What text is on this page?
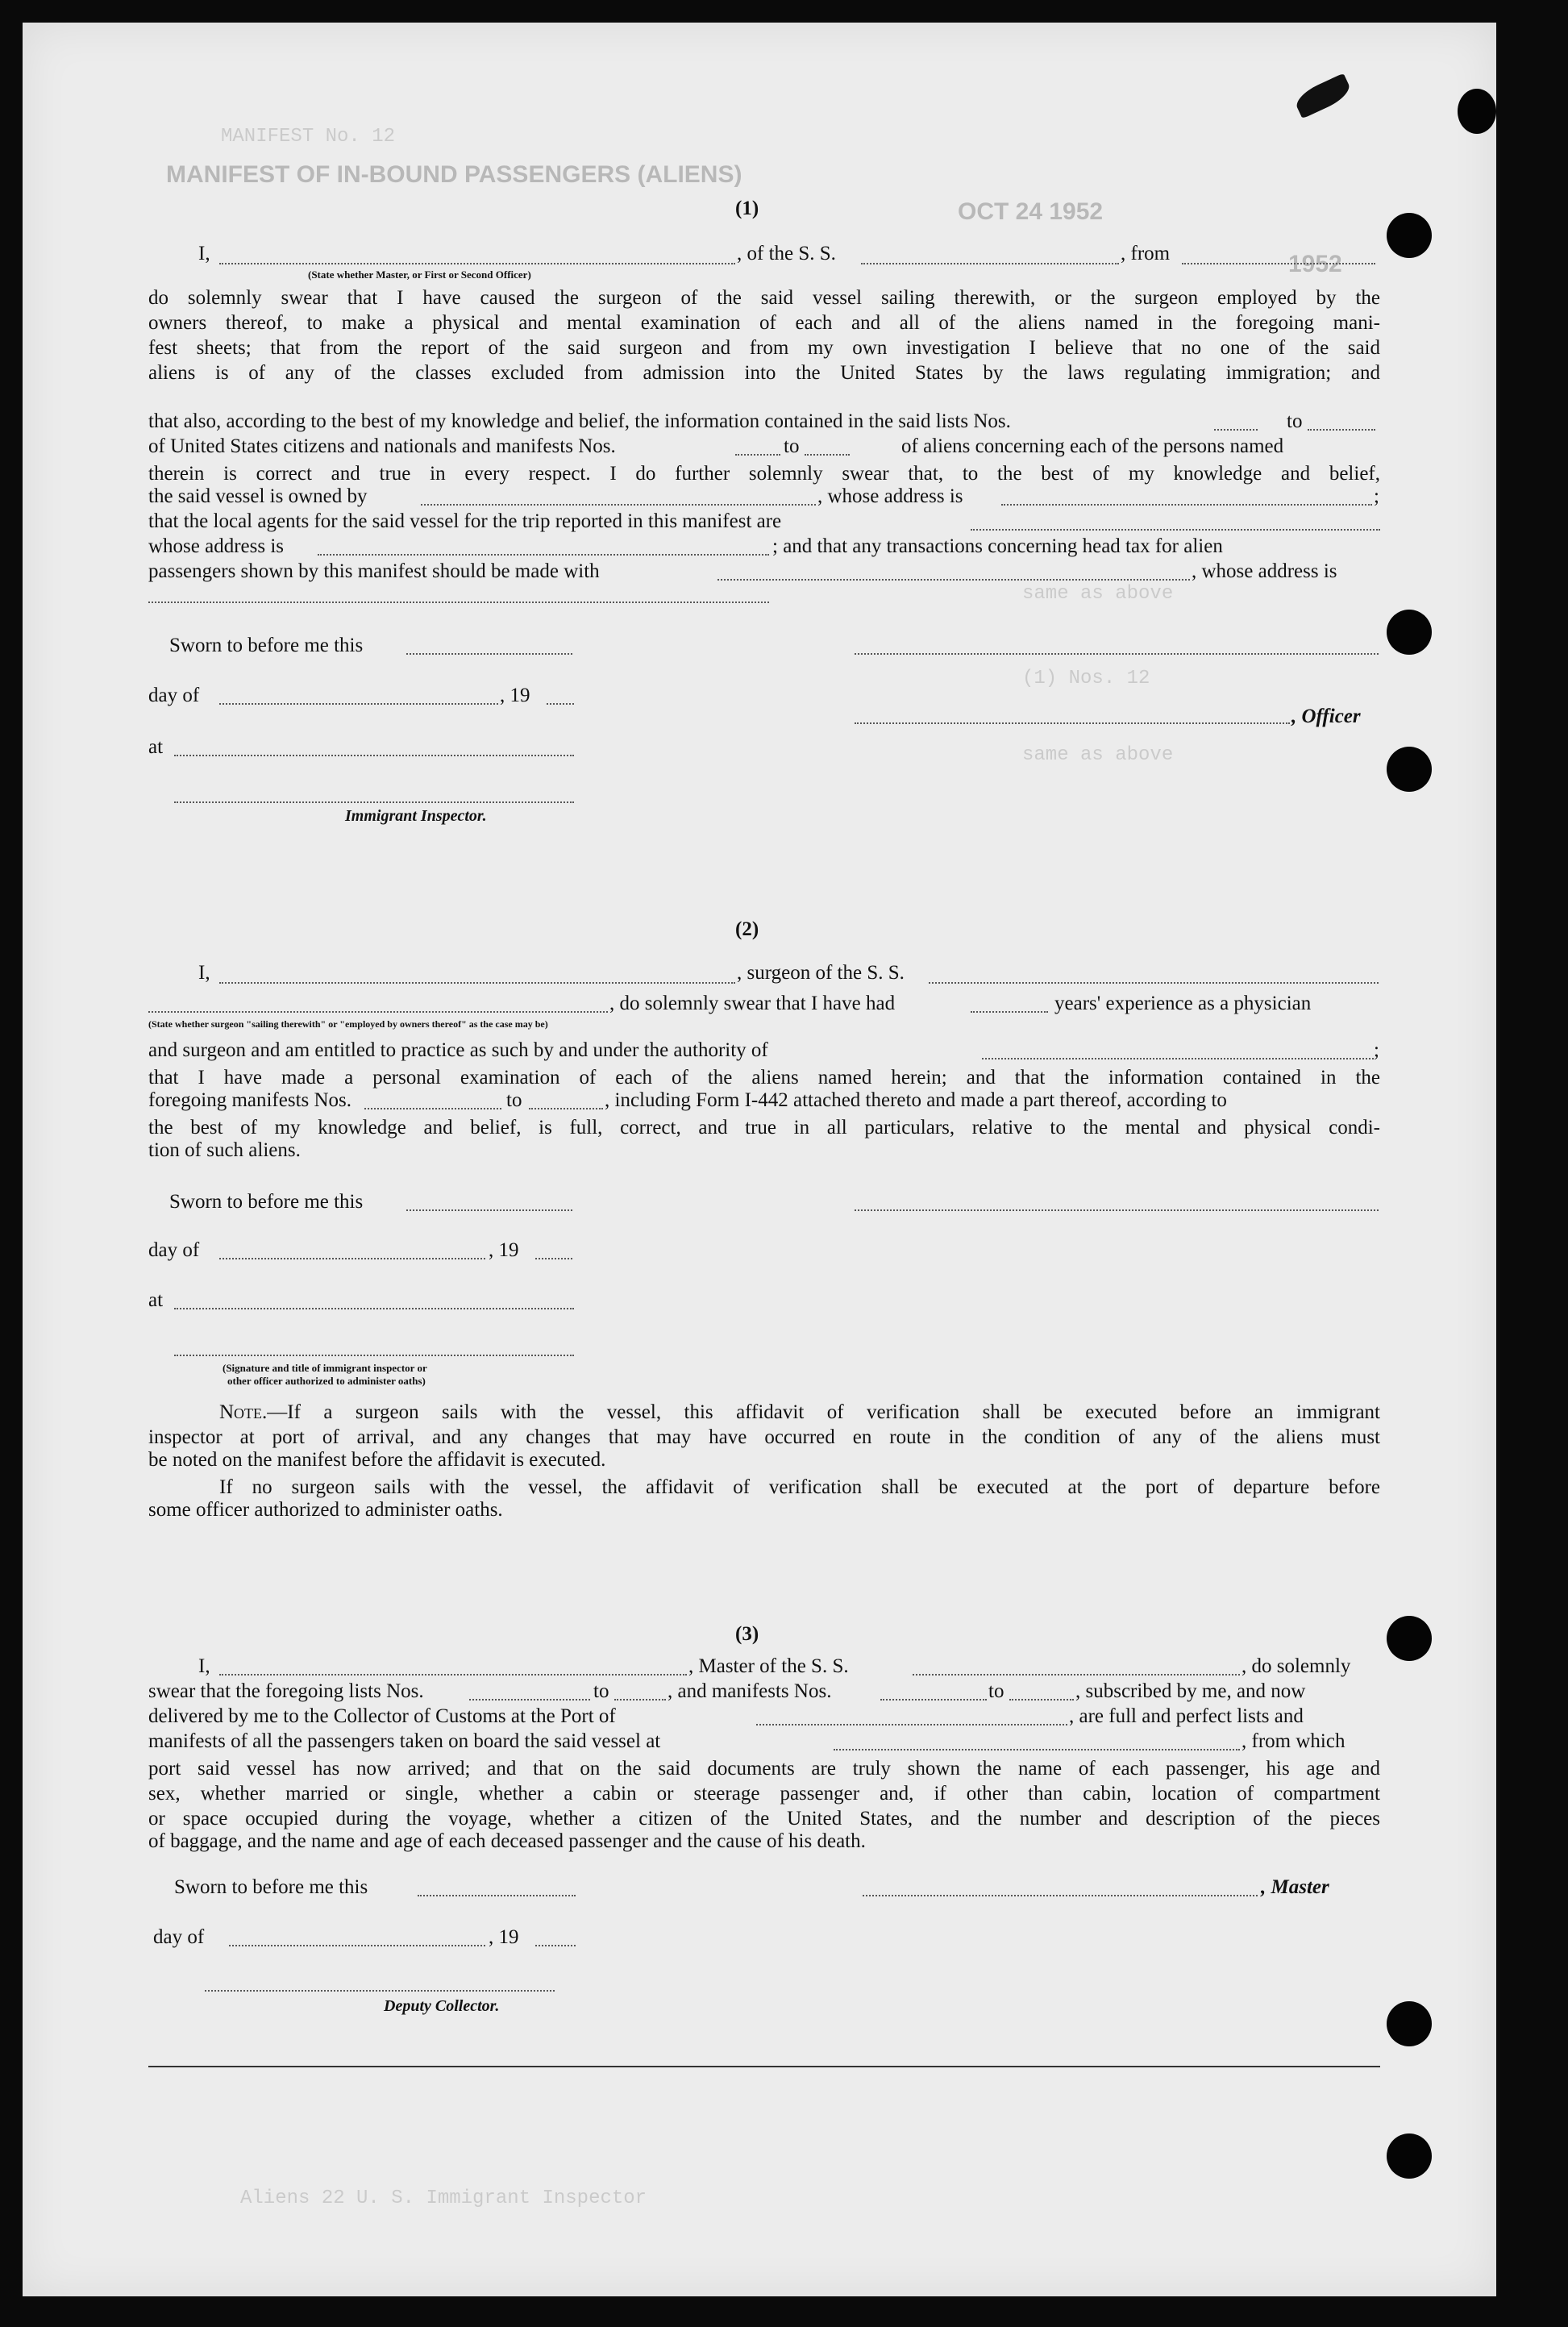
MANIFEST No. 12
MANIFEST OF IN-BOUND PASSENGERS (ALIENS)
OCT 24 1952
1952
same as above
(1) Nos. 12
same as above
Aliens 22 U. S. Immigrant Inspector
(1)
I,	, of the S. S.	, from
(State whether Master, or First or Second Officer)
do solemnly swear that I have caused the surgeon of the said vessel sailing therewith, or the surgeon employed by the
owners thereof, to make a physical and mental examination of each and all of the aliens named in the foregoing mani-
fest sheets; that from the report of the said surgeon and from my own investigation I believe that no one of the said
aliens is of any of the classes excluded from admission into the United States by the laws regulating immigration; and
that also, according to the best of my knowledge and belief, the information contained in the said lists Nos.	to
of United States citizens and nationals and manifests Nos.	to	of aliens concerning each of the persons named
therein is correct and true in every respect. I do further solemnly swear that, to the best of my knowledge and belief,
the said vessel is owned by	, whose address is	;
that the local agents for the said vessel for the trip reported in this manifest are
whose address is	; and that any transactions concerning head tax for alien
passengers shown by this manifest should be made with	, whose address is
Sworn to before me this
day of	, 19
, Officer
at
Immigrant Inspector.
(2)
I,	, surgeon of the S. S.
, do solemnly swear that I have had	years' experience as a physician
(State whether surgeon "sailing therewith" or "employed by owners thereof" as the case may be)
and surgeon and am entitled to practice as such by and under the authority of	;
that I have made a personal examination of each of the aliens named herein; and that the information contained in the
foregoing manifests Nos.	to	, including Form I-442 attached thereto and made a part thereof, according to
the best of my knowledge and belief, is full, correct, and true in all particulars, relative to the mental and physical condi-
tion of such aliens.
Sworn to before me this
day of	, 19
at
(Signature and title of immigrant inspector or
other officer authorized to administer oaths)
Note.—If a surgeon sails with the vessel, this affidavit of verification shall be executed before an immigrant
inspector at port of arrival, and any changes that may have occurred en route in the condition of any of the aliens must
be noted on the manifest before the affidavit is executed.
If no surgeon sails with the vessel, the affidavit of verification shall be executed at the port of departure before
some officer authorized to administer oaths.
(3)
I,	, Master of the S. S.	, do solemnly
swear that the foregoing lists Nos.	to	, and manifests Nos.	to	, subscribed by me, and now
delivered by me to the Collector of Customs at the Port of	, are full and perfect lists and
manifests of all the passengers taken on board the said vessel at	, from which
port said vessel has now arrived; and that on the said documents are truly shown the name of each passenger, his age and
sex, whether married or single, whether a cabin or steerage passenger and, if other than cabin, location of compartment
or space occupied during the voyage, whether a citizen of the United States, and the number and description of the pieces
of baggage, and the name and age of each deceased passenger and the cause of his death.
Sworn to before me this	, Master
day of	, 19
Deputy Collector.
